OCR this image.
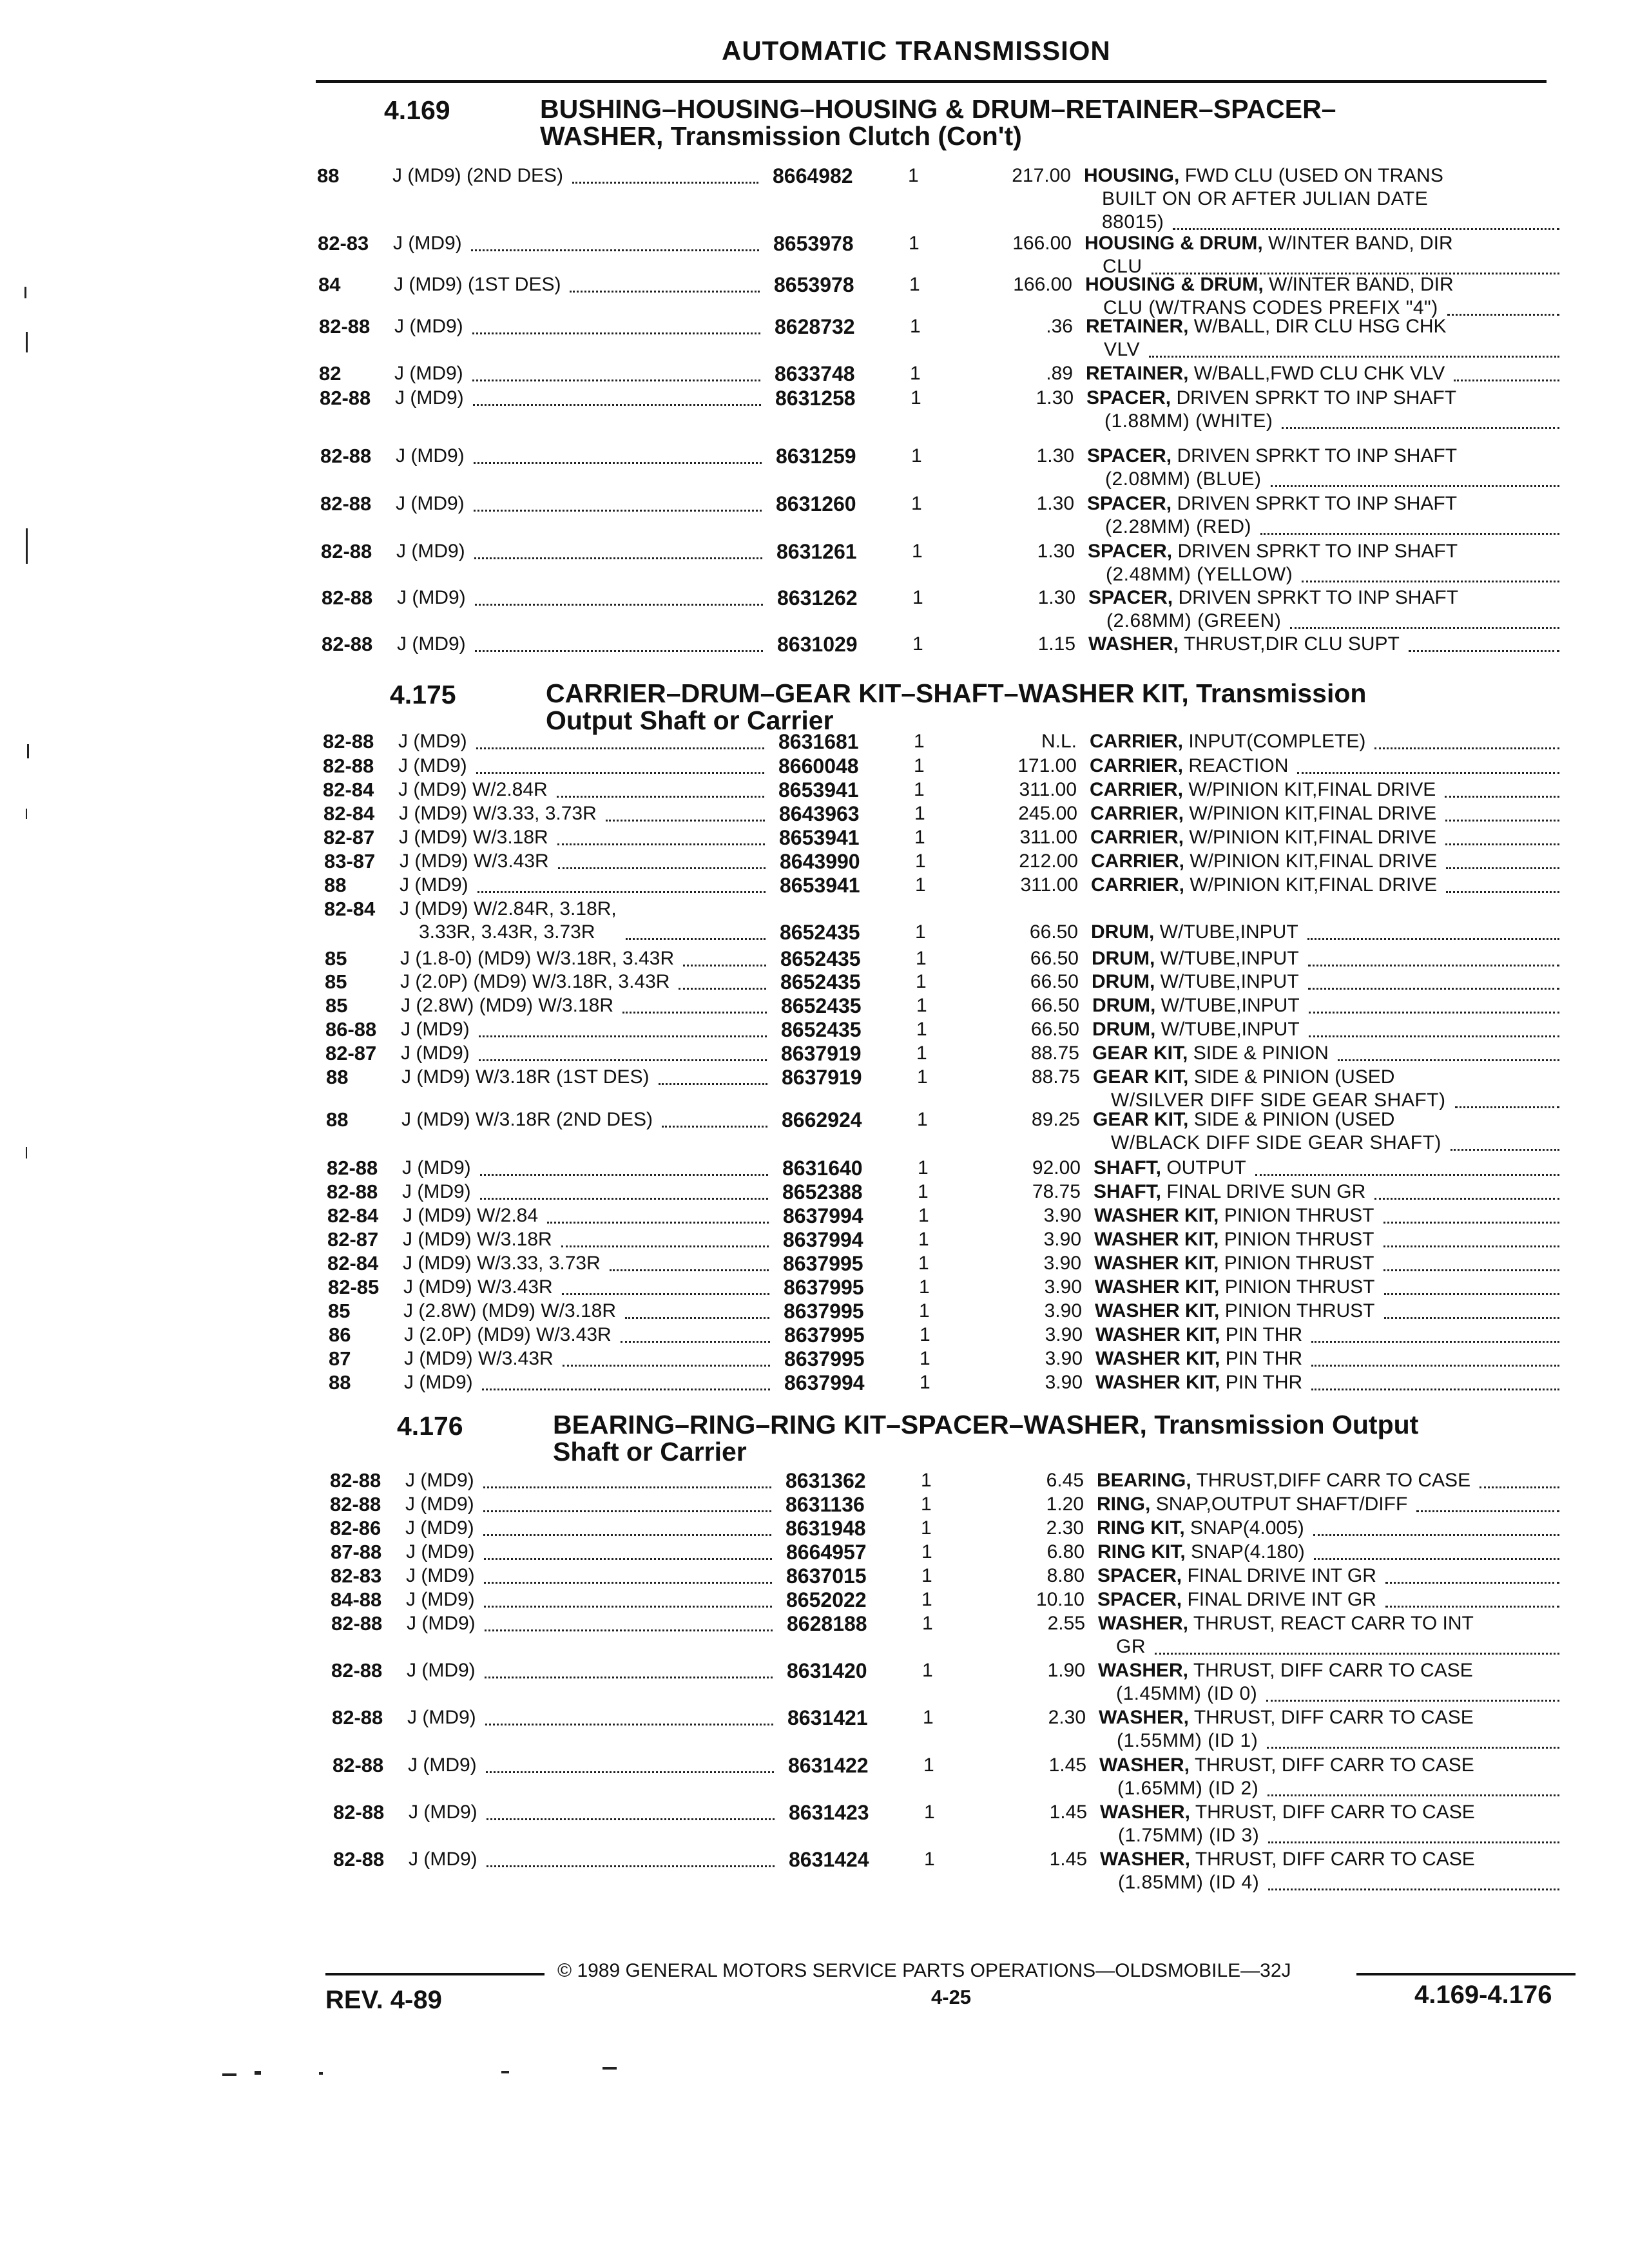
AUTOMATIC TRANSMISSION
4.169	BUSHING–HOUSING–HOUSING & DRUM–RETAINER–SPACER–
WASHER, Transmission Clutch (Con't)
88	J (MD9) (2ND DES)	8664982	1	217.00 HOUSING, FWD CLU (USED ON TRANS
BUILT ON OR AFTER JULIAN DATE
88015)
82-83 J (MD9)	8653978	1	166.00 HOUSING & DRUM, W/INTER BAND, DIR
CLU
84	J (MD9) (1ST DES)	8653978	1	166.00 HOUSING & DRUM, W/INTER BAND, DIR
CLU (W/TRANS CODES PREFIX "4")
82-88 J (MD9)	8628732	1	.36 RETAINER, W/BALL, DIR CLU HSG CHK
VLV
82	J (MD9)	8633748	1	.89 RETAINER, W/BALL,FWD CLU CHK VLV
82-88 J (MD9)	8631258	1	1.30 SPACER, DRIVEN SPRKT TO INP SHAFT
(1.88MM) (WHITE)
82-88 J (MD9)	8631259	1	1.30 SPACER, DRIVEN SPRKT TO INP SHAFT
(2.08MM) (BLUE)
82-88 J (MD9)	8631260	1	1.30 SPACER, DRIVEN SPRKT TO INP SHAFT
(2.28MM) (RED)
82-88 J (MD9)	8631261	1	1.30 SPACER, DRIVEN SPRKT TO INP SHAFT
(2.48MM) (YELLOW)
82-88 J (MD9)	8631262	1	1.30 SPACER, DRIVEN SPRKT TO INP SHAFT
(2.68MM) (GREEN)
82-88 J (MD9)	8631029	1	1.15 WASHER, THRUST,DIR CLU SUPT
4.175	CARRIER–DRUM–GEAR KIT–SHAFT–WASHER KIT, Transmission
Output Shaft or Carrier
82-88 J (MD9)	8631681	1	N.L. CARRIER, INPUT(COMPLETE)
82-88 J (MD9)	8660048	1	171.00 CARRIER, REACTION
82-84 J (MD9) W/2.84R	8653941	1	311.00 CARRIER, W/PINION KIT,FINAL DRIVE
82-84 J (MD9) W/3.33, 3.73R	8643963	1	245.00 CARRIER, W/PINION KIT,FINAL DRIVE
82-87 J (MD9) W/3.18R	8653941	1	311.00 CARRIER, W/PINION KIT,FINAL DRIVE
83-87 J (MD9) W/3.43R	8643990	1	212.00 CARRIER, W/PINION KIT,FINAL DRIVE
88	J (MD9)	8653941	1	311.00 CARRIER, W/PINION KIT,FINAL DRIVE
82-84 J (MD9) W/2.84R, 3.18R,
3.33R, 3.43R, 3.73R	8652435	1	66.50 DRUM, W/TUBE,INPUT
85	J (1.8-0) (MD9) W/3.18R, 3.43R	8652435	1	66.50 DRUM, W/TUBE,INPUT
85	J (2.0P) (MD9) W/3.18R, 3.43R	8652435	1	66.50 DRUM, W/TUBE,INPUT
85	J (2.8W) (MD9) W/3.18R	8652435	1	66.50 DRUM, W/TUBE,INPUT
86-88 J (MD9)	8652435	1	66.50 DRUM, W/TUBE,INPUT
82-87 J (MD9)	8637919	1	88.75 GEAR KIT, SIDE & PINION
88	J (MD9) W/3.18R (1ST DES)	8637919	1	88.75 GEAR KIT, SIDE & PINION (USED
W/SILVER DIFF SIDE GEAR SHAFT)
88	J (MD9) W/3.18R (2ND DES)	8662924	1	89.25 GEAR KIT, SIDE & PINION (USED
W/BLACK DIFF SIDE GEAR SHAFT)
82-88 J (MD9)	8631640	1	92.00 SHAFT, OUTPUT
82-88 J (MD9)	8652388	1	78.75 SHAFT, FINAL DRIVE SUN GR
82-84 J (MD9) W/2.84	8637994	1	3.90 WASHER KIT, PINION THRUST
82-87 J (MD9) W/3.18R	8637994	1	3.90 WASHER KIT, PINION THRUST
82-84 J (MD9) W/3.33, 3.73R	8637995	1	3.90 WASHER KIT, PINION THRUST
82-85 J (MD9) W/3.43R	8637995	1	3.90 WASHER KIT, PINION THRUST
85	J (2.8W) (MD9) W/3.18R	8637995	1	3.90 WASHER KIT, PINION THRUST
86	J (2.0P) (MD9) W/3.43R	8637995	1	3.90 WASHER KIT, PIN THR
87	J (MD9) W/3.43R	8637995	1	3.90 WASHER KIT, PIN THR
88	J (MD9)	8637994	1	3.90 WASHER KIT, PIN THR
4.176	BEARING–RING–RING KIT–SPACER–WASHER, Transmission Output
Shaft or Carrier
82-88 J (MD9)	8631362	1	6.45 BEARING, THRUST,DIFF CARR TO CASE
82-88 J (MD9)	8631136	1	1.20 RING, SNAP,OUTPUT SHAFT/DIFF
82-86 J (MD9)	8631948	1	2.30 RING KIT, SNAP(4.005)
87-88 J (MD9)	8664957	1	6.80 RING KIT, SNAP(4.180)
82-83 J (MD9)	8637015	1	8.80 SPACER, FINAL DRIVE INT GR
84-88 J (MD9)	8652022	1	10.10 SPACER, FINAL DRIVE INT GR
82-88 J (MD9)	8628188	1	2.55 WASHER, THRUST, REACT CARR TO INT
GR
82-88 J (MD9)	8631420	1	1.90 WASHER, THRUST, DIFF CARR TO CASE
(1.45MM) (ID 0)
82-88 J (MD9)	8631421	1	2.30 WASHER, THRUST, DIFF CARR TO CASE
(1.55MM) (ID 1)
82-88 J (MD9)	8631422	1	1.45 WASHER, THRUST, DIFF CARR TO CASE
(1.65MM) (ID 2)
82-88 J (MD9)	8631423	1	1.45 WASHER, THRUST, DIFF CARR TO CASE
(1.75MM) (ID 3)
82-88 J (MD9)	8631424	1	1.45 WASHER, THRUST, DIFF CARR TO CASE
(1.85MM) (ID 4)
© 1989 GENERAL MOTORS SERVICE PARTS OPERATIONS—OLDSMOBILE—32J
REV. 4-89	4-25	4.169-4.176
